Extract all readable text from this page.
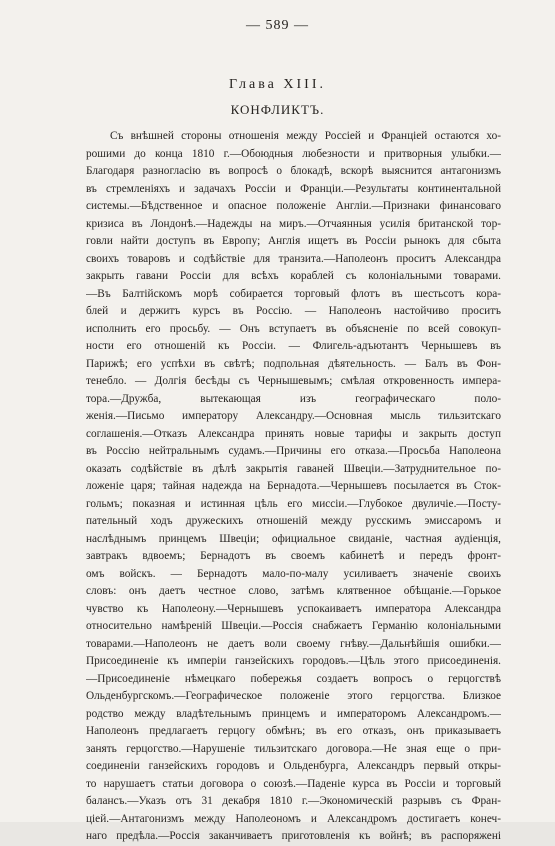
— 589 —
Глава XIII.
КОНФЛИКТЪ.
Съ внѣшней стороны отношенія между Россіей и Франціей остаются хо-
рошими до конца 1810 г.—Обоюдныя любезности и притворныя улыбки.—
Благодаря разногласію въ вопросѣ о блокадѣ, вскорѣ выяснится антагонизмъ
въ стремленіяхъ и задачахъ Россіи и Франціи.—Результаты континентальной
системы.—Бѣдственное и опасное положеніе Англіи.—Признаки финансоваго
кризиса въ Лондонѣ.—Надежды на миръ.—Отчаянныя усилія британской тор-
говли найти доступъ въ Европу; Англія ищетъ въ Россіи рынокъ для сбыта
своихъ товаровъ и содѣйствіе для транзита.—Наполеонъ проситъ Александра
закрыть гавани Россіи для всѣхъ кораблей съ колоніальными товарами.
—Въ Балтійскомъ морѣ собирается торговый флотъ въ шестьсотъ кора-
блей и держитъ курсъ въ Россію. — Наполеонъ настойчиво проситъ
исполнить его просьбу. — Онъ вступаетъ въ объясненіе по всей совокуп-
ности его отношеній къ Россіи. — Флигель-адъютантъ Чернышевъ въ
Парижѣ; его успѣхи въ свѣтѣ; подпольная дѣятельность. — Балъ въ Фон-
тенебло. — Долгія бесѣды съ Чернышевымъ; смѣлая откровенность импера-
тора.—Дружба, вытекающая изъ географическаго поло-
женія.—Письмо императору Александру.—Основная мысль тильзитскаго
соглашенія.—Отказъ Александра принять новые тарифы и закрыть доступ
въ Россію нейтральнымъ судамъ.—Причины его отказа.—Просьба Наполеона
оказать содѣйствіе въ дѣлѣ закрытія гаваней Швеціи.—Затруднительное по-
ложеніе царя; тайная надежда на Бернадота.—Чернышевъ посылается въ Сток-
гольмъ; показная и истинная цѣль его миссіи.—Глубокое двуличіе.—Посту-
пательный ходъ дружескихъ отношеній между русскимъ эмиссаромъ и
наслѣднымъ принцемъ Швеціи; официальное свиданіе, частная аудіенція,
завтракъ вдвоемъ; Бернадотъ въ своемъ кабинетѣ и передъ фронт-
омъ войскъ. — Бернадотъ мало-по-малу усиливаетъ значеніе своихъ
словъ: онъ даетъ честное слово, затѣмъ клятвенное обѣщаніе.—Горькое
чувство къ Наполеону.—Чернышевъ успокаиваетъ императора Александра
относительно намѣреній Швеціи.—Россія снабжаетъ Германію колоніальными
товарами.—Наполеонъ не даетъ воли своему гнѣву.—Дальнѣйшія ошибки.—
Присоединеніе къ имперіи ганзейскихъ городовъ.—Цѣль этого присоединенія.
—Присоединеніе нѣмецкаго побережья создаетъ вопросъ о герцогствѣ
Ольденбургскомъ.—Географическое положеніе этого герцогства. Близкое
родство между владѣтельнымъ принцемъ и императоромъ Александромъ.—
Наполеонъ предлагаетъ герцогу обмѣнъ; въ его отказъ, онъ приказываетъ
занять герцогство.—Нарушеніе тильзитскаго договора.—Не зная еще о при-
соединеніи ганзейскихъ городовъ и Ольденбурга, Александръ первый откры-
то нарушаетъ статьи договора о союзѣ.—Паденіе курса въ Россіи и торговый
балансъ.—Указъ отъ 31 декабря 1810 г.—Экономическій разрывъ съ Фран-
ціей.—Антагонизмъ между Наполеономъ и Александромъ достигаетъ конеч-
наго предѣла.—Россія заканчиваетъ приготовленія къ войнѣ; въ распоряжені
